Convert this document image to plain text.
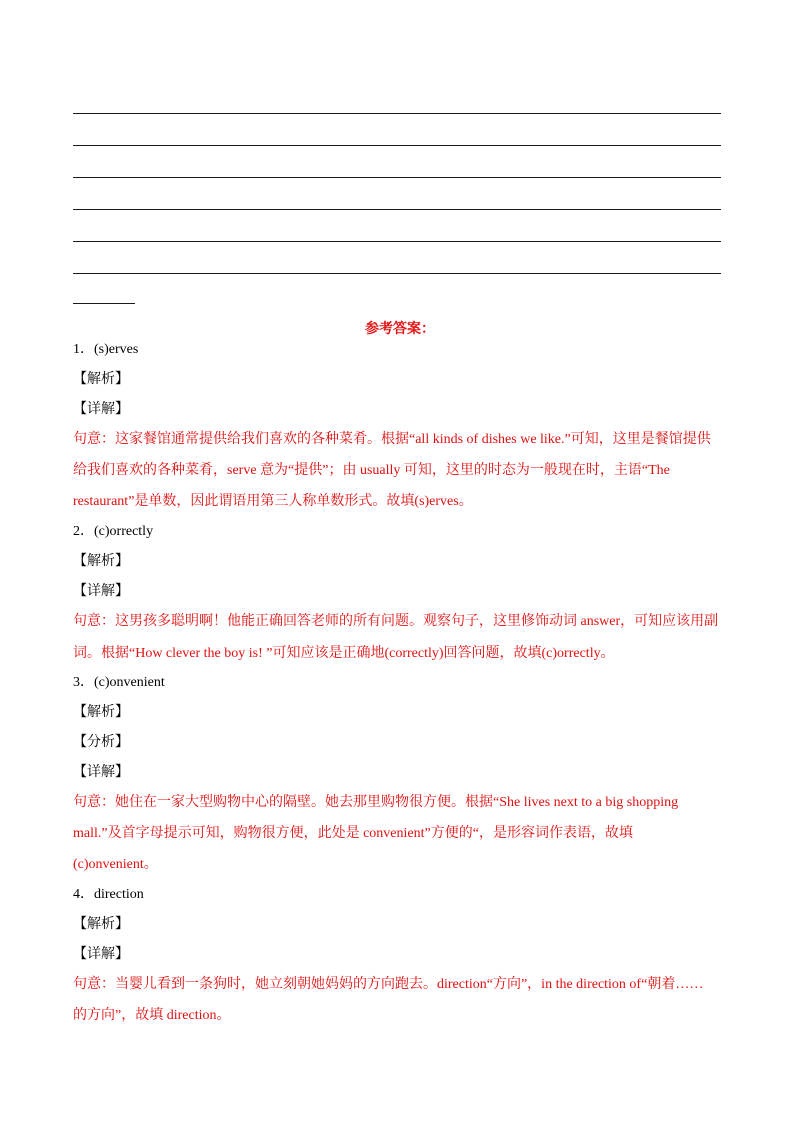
参考答案：
1．(s)erves
【解析】
【详解】
句意：这家餐馆通常提供给我们喜欢的各种菜肴。根据“all kinds of dishes we like.”可知，这里是餐馆提供
给我们喜欢的各种菜肴，serve 意为“提供”；由 usually 可知，这里的时态为一般现在时，主语“The
restaurant”是单数，因此谓语用第三人称单数形式。故填(s)erves。
2．(c)orrectly
【解析】
【详解】
句意：这男孩多聪明啊！他能正确回答老师的所有问题。观察句子，这里修饰动词 answer，可知应该用副
词。根据“How clever the boy is! ”可知应该是正确地(correctly)回答问题，故填(c)orrectly。
3．(c)onvenient
【解析】
【分析】
【详解】
句意：她住在一家大型购物中心的隔壁。她去那里购物很方便。根据“She lives next to a big shopping
mall.”及首字母提示可知，购物很方便，此处是 convenient”方便的“，是形容词作表语，故填
(c)onvenient。
4．direction
【解析】
【详解】
句意：当婴儿看到一条狗时，她立刻朝她妈妈的方向跑去。direction“方向”，in the direction of“朝着……
的方向”，故填 direction。
